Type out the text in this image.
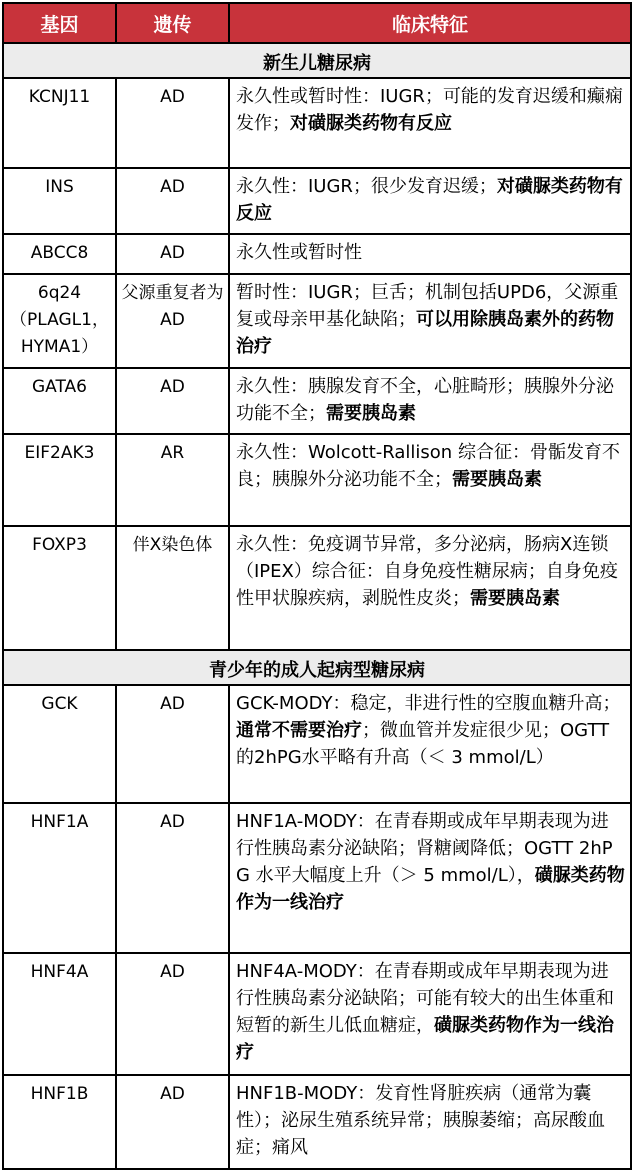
基因	遗传	临床特征
新生儿糖尿病		
KCNJ11	AD	永久性或暂时性：IUGR；可能的发育迟缓和癫痫发作；对磺脲类药物有反应
INS	AD	永久性：IUGR；很少发育迟缓；对磺脲类药物有反应
ABCC8	AD	永久性或暂时性
6q24 （PLAGL1，HYMA1）	父源重复者为AD	暂时性：IUGR；巨舌；机制包括UPD6，父源重复或母亲甲基化缺陷；可以用除胰岛素外的药物治疗
GATA6	AD	永久性：胰腺发育不全，心脏畸形；胰腺外分泌功能不全；需要胰岛素
EIF2AK3	AR	永久性：Wolcott-Rallison 综合征：骨骺发育不良；胰腺外分泌功能不全；需要胰岛素
FOXP3	伴X染色体	永久性：免疫调节异常，多分泌病，肠病X连锁（IPEX）综合征：自身免疫性糖尿病；自身免疫性甲状腺疾病，剥脱性皮炎；需要胰岛素
青少年的成人起病型糖尿病		
GCK	AD	GCK-MODY：稳定，非进行性的空腹血糖升高；通常不需要治疗；微血管并发症很少见；OGTT的2hPG水平略有升高（＜ 3 mmol/L）
HNF1A	AD	HNF1A-MODY：在青春期或成年早期表现为进行性胰岛素分泌缺陷；肾糖阈降低；OGTT 2hPG 水平大幅度上升（＞ 5 mmol/L），磺脲类药物作为一线治疗
HNF4A	AD	HNF4A-MODY：在青春期或成年早期表现为进行性胰岛素分泌缺陷；可能有较大的出生体重和短暂的新生儿低血糖症，磺脲类药物作为一线治疗
HNF1B	AD	HNF1B-MODY：发育性肾脏疾病（通常为囊性）；泌尿生殖系统异常；胰腺萎缩；高尿酸血症；痛风
